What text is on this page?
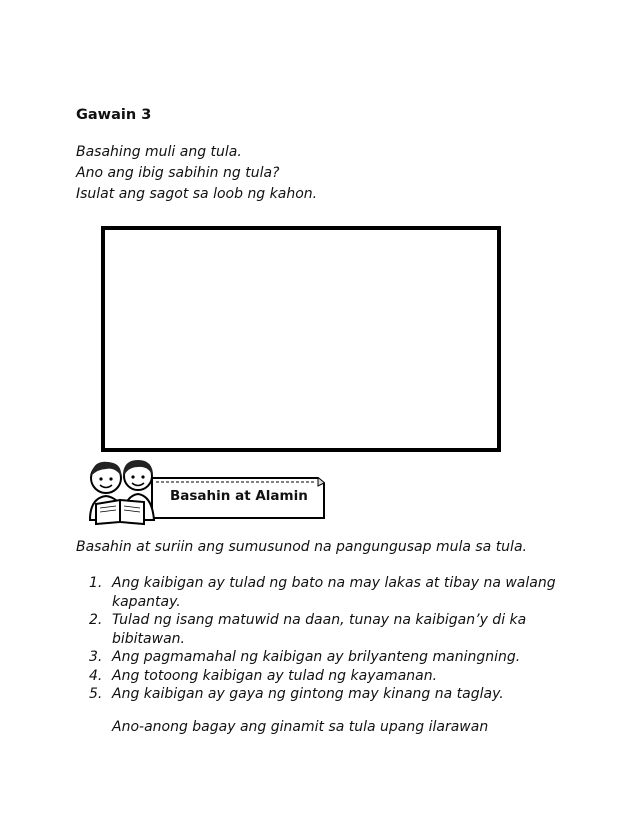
Gawain 3
Basahing muli ang tula.
Ano ang ibig sabihin ng tula?
Isulat ang sagot sa loob ng kahon.
Basahin at Alamin
Basahin at suriin ang sumusunod na pangungusap mula sa tula.
1. Ang kaibigan ay tulad ng bato na may lakas at tibay na walang kapantay.
2. Tulad ng isang matuwid na daan, tunay na kaibigan’y di ka bibitawan.
3. Ang pagmamahal ng kaibigan ay brilyanteng maningning.
4. Ang totoong kaibigan ay tulad ng kayamanan.
5. Ang kaibigan ay gaya ng gintong may kinang na taglay.
Ano-anong bagay ang ginamit sa tula upang ilarawan
